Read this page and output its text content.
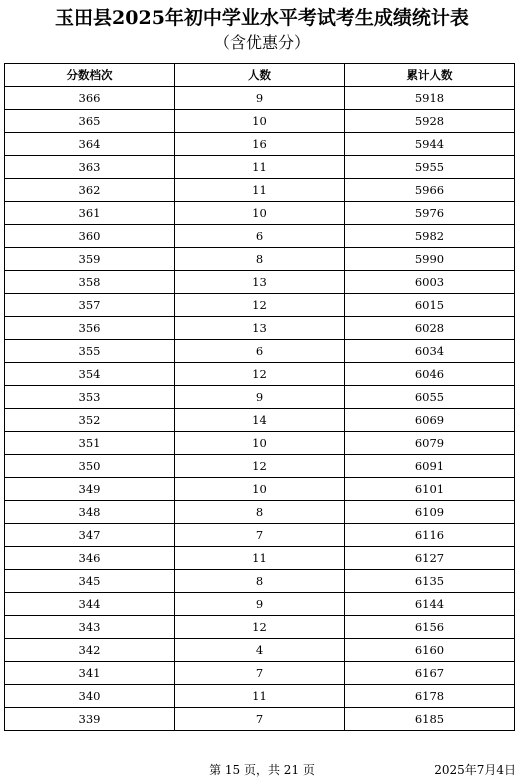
玉田县2025年初中学业水平考试考生成绩统计表
（含优惠分）
分数档次	人数	累计人数
366	9	5918
365	10	5928
364	16	5944
363	11	5955
362	11	5966
361	10	5976
360	6	5982
359	8	5990
358	13	6003
357	12	6015
356	13	6028
355	6	6034
354	12	6046
353	9	6055
352	14	6069
351	10	6079
350	12	6091
349	10	6101
348	8	6109
347	7	6116
346	11	6127
345	8	6135
344	9	6144
343	12	6156
342	4	6160
341	7	6167
340	11	6178
339	7	6185
第 15 页，共 21 页	2025年7月4日
